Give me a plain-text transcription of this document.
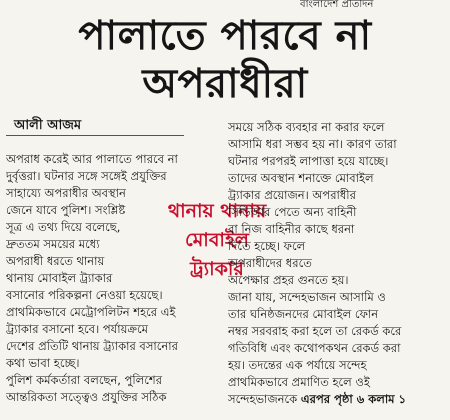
বাংলাদেশ প্রতিদিন
পালাতে পারবে না
অপরাধীরা
আলী আজম
অপরাধ করেই আর পালাতে পারবে না
দুর্বৃত্তরা। ঘটনার সঙ্গে সঙ্গেই প্রযুক্তির
সাহায্যে অপরাধীর অবস্থান
জেনে যাবে পুলিশ। সংশ্লিষ্ট
সূত্র এ তথ্য দিয়ে বলেছে,
দ্রুততম সময়ের মধ্যে
অপরাধী ধরতে থানায়
থানায় মোবাইল ট্র্যাকার
বসানোর পরিকল্পনা নেওয়া হয়েছে।
প্রাথমিকভাবে মেট্রোপলিটন শহরে এই
ট্র্যাকার বসানো হবে। পর্যায়ক্রমে
দেশের প্রতিটি থানায় ট্র্যাকার বসানোর
কথা ভাবা হচ্ছে।
পুলিশ কর্মকর্তারা বলছেন, পুলিশের
আন্তরিকতা সত্ত্বেও প্রযুক্তির সঠিক
থানায় থানায়
মোবাইল
ট্র্যাকার
সময়ে সঠিক ব্যবহার না করার ফলে
আসামি ধরা সম্ভব হয় না। কারণ তারা
ঘটনার পরপরই লাপাত্তা হয়ে যাচ্ছে।
তাদের অবস্থান শনাক্তে মোবাইল
ট্র্যাকার প্রয়োজন। অপরাধীর
সিডিআর পেতে অন্য বাহিনী
বা নিজ বাহিনীর কাছে ধরনা
দিতে হচ্ছে। ফলে
অপরাধীদের ধরতে
অপেক্ষার প্রহর গুনতে হয়।
জানা যায়, সন্দেহভাজন আসামি ও
তার ঘনিষ্ঠজনদের মোবাইল ফোন
নম্বর সরবরাহ করা হলে তা রেকর্ড করে
গতিবিধি এবং কথোপকথন রেকর্ড করা
হয়। তদন্তের এক পর্যায়ে সন্দেহ
প্রাথমিকভাবে প্রমাণিত হলে ওই
সন্দেহভাজনকে এরপর পৃষ্ঠা ৬ কলাম ১
